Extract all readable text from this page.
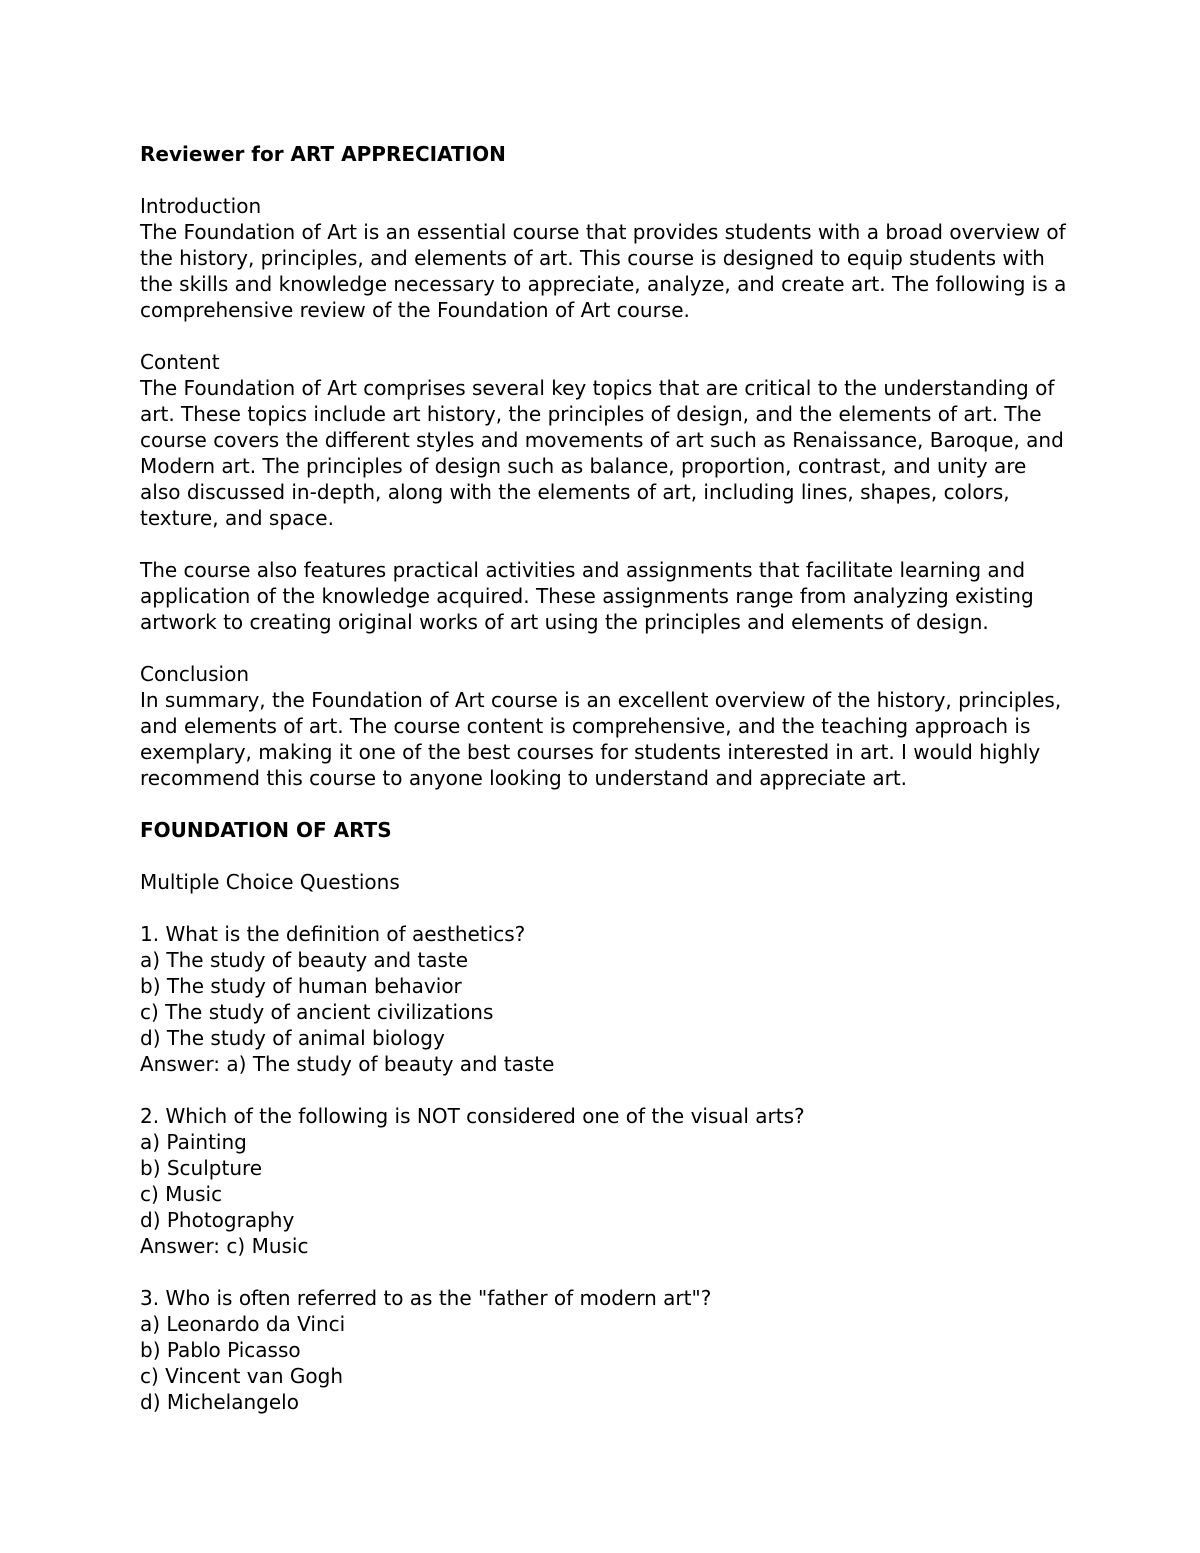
Reviewer for ART APPRECIATION

Introduction

The Foundation of Art is an essential course that provides students with a broad overview of the history, principles, and elements of art. This course is designed to equip students with the skills and knowledge necessary to appreciate, analyze, and create art. The following is a comprehensive review of the Foundation of Art course.

Content

The Foundation of Art comprises several key topics that are critical to the understanding of art. These topics include art history, the principles of design, and the elements of art. The course covers the different styles and movements of art such as Renaissance, Baroque, and Modern art. The principles of design such as balance, proportion, contrast, and unity are also discussed in-depth, along with the elements of art, including lines, shapes, colors, texture, and space.

The course also features practical activities and assignments that facilitate learning and application of the knowledge acquired. These assignments range from analyzing existing artwork to creating original works of art using the principles and elements of design.

Conclusion

In summary, the Foundation of Art course is an excellent overview of the history, principles, and elements of art. The course content is comprehensive, and the teaching approach is exemplary, making it one of the best courses for students interested in art. I would highly recommend this course to anyone looking to understand and appreciate art.

FOUNDATION OF ARTS

Multiple Choice Questions

1. What is the definition of aesthetics?
a) The study of beauty and taste
b) The study of human behavior
c) The study of ancient civilizations
d) The study of animal biology
Answer: a) The study of beauty and taste
2. Which of the following is NOT considered one of the visual arts?
a) Painting
b) Sculpture
c) Music
d) Photography
Answer: c) Music
3. Who is often referred to as the "father of modern art"?
a) Leonardo da Vinci
b) Pablo Picasso
c) Vincent van Gogh
d) Michelangelo
